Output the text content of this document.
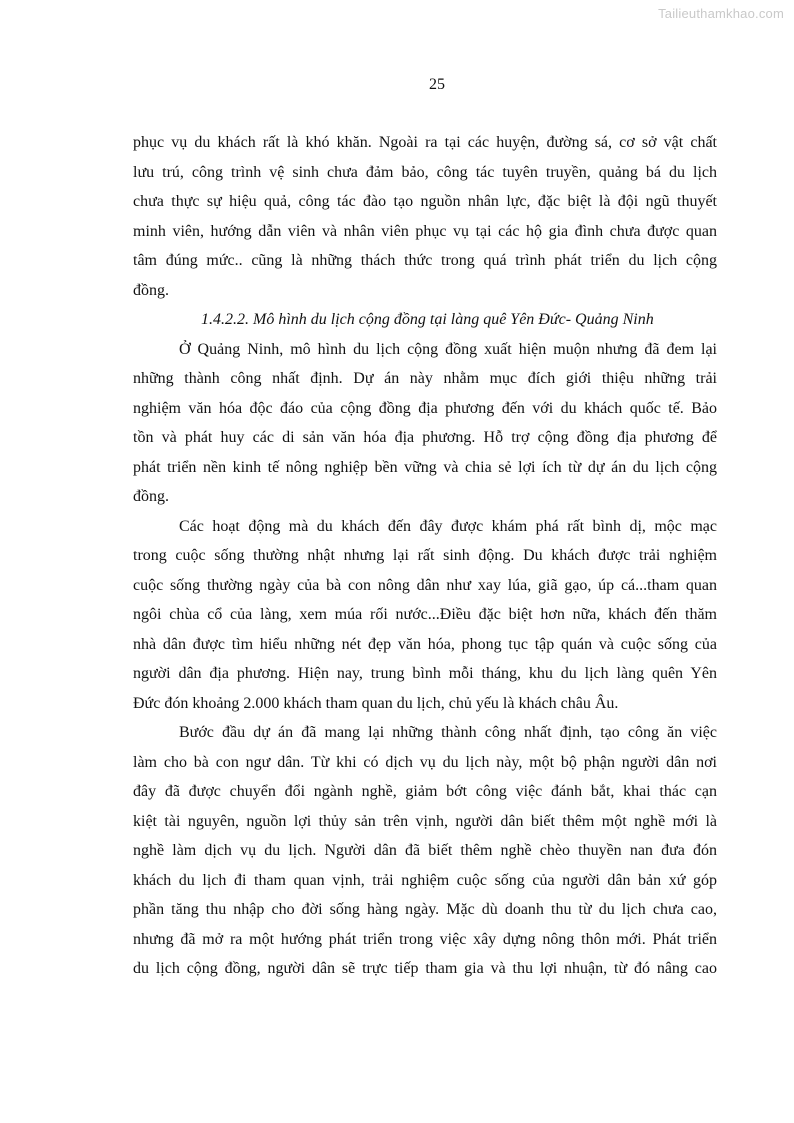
Tailieuthamkhao.com
25
phục vụ du khách rất là khó khăn. Ngoài ra tại các huyện, đường sá, cơ sở vật chất
lưu trú, công trình vệ sinh chưa đảm bảo, công tác tuyên truyền, quảng bá du lịch
chưa thực sự hiệu quả, công tác đào tạo nguồn nhân lực, đặc biệt là đội ngũ thuyết
minh viên, hướng dẫn viên và nhân viên phục vụ tại các hộ gia đình chưa được quan
tâm đúng mức.. cũng là những thách thức trong quá trình phát triển du lịch cộng
đồng.
1.4.2.2. Mô hình du lịch cộng đồng tại làng quê Yên Đức- Quảng Ninh
Ở Quảng Ninh, mô hình du lịch cộng đồng xuất hiện muộn nhưng đã đem lại
những thành công nhất định. Dự án này nhằm mục đích giới thiệu những trải
nghiệm văn hóa độc đáo của cộng đồng địa phương đến với du khách quốc tế. Bảo
tồn và phát huy các di sản văn hóa địa phương. Hỗ trợ cộng đồng địa phương để
phát triển nền kinh tế nông nghiệp bền vững và chia sẻ lợi ích từ dự án du lịch cộng
đồng.
Các hoạt động mà du khách đến đây được khám phá rất bình dị, mộc mạc
trong cuộc sống thường nhật nhưng lại rất sinh động. Du khách được trải nghiệm
cuộc sống thường ngày của bà con nông dân như xay lúa, giã gạo, úp cá...tham quan
ngôi chùa cổ của làng, xem múa rối nước...Điều đặc biệt hơn nữa, khách đến thăm
nhà dân được tìm hiểu những nét đẹp văn hóa, phong tục tập quán và cuộc sống của
người dân địa phương. Hiện nay, trung bình mỗi tháng, khu du lịch làng quên Yên
Đức đón khoảng 2.000 khách tham quan du lịch, chủ yếu là khách châu Âu.
Bước đầu dự án đã mang lại những thành công nhất định, tạo công ăn việc
làm cho bà con ngư dân. Từ khi có dịch vụ du lịch này, một bộ phận người dân nơi
đây đã được chuyển đổi ngành nghề, giảm bớt công việc đánh bắt, khai thác cạn
kiệt tài nguyên, nguồn lợi thủy sản trên vịnh, người dân biết thêm một nghề mới là
nghề làm dịch vụ du lịch. Người dân đã biết thêm nghề chèo thuyền nan đưa đón
khách du lịch đi tham quan vịnh, trải nghiệm cuộc sống của người dân bản xứ góp
phần tăng thu nhập cho đời sống hàng ngày. Mặc dù doanh thu từ du lịch chưa cao,
nhưng đã mở ra một hướng phát triển trong việc xây dựng nông thôn mới. Phát triển
du lịch cộng đồng, người dân sẽ trực tiếp tham gia và thu lợi nhuận, từ đó nâng cao
